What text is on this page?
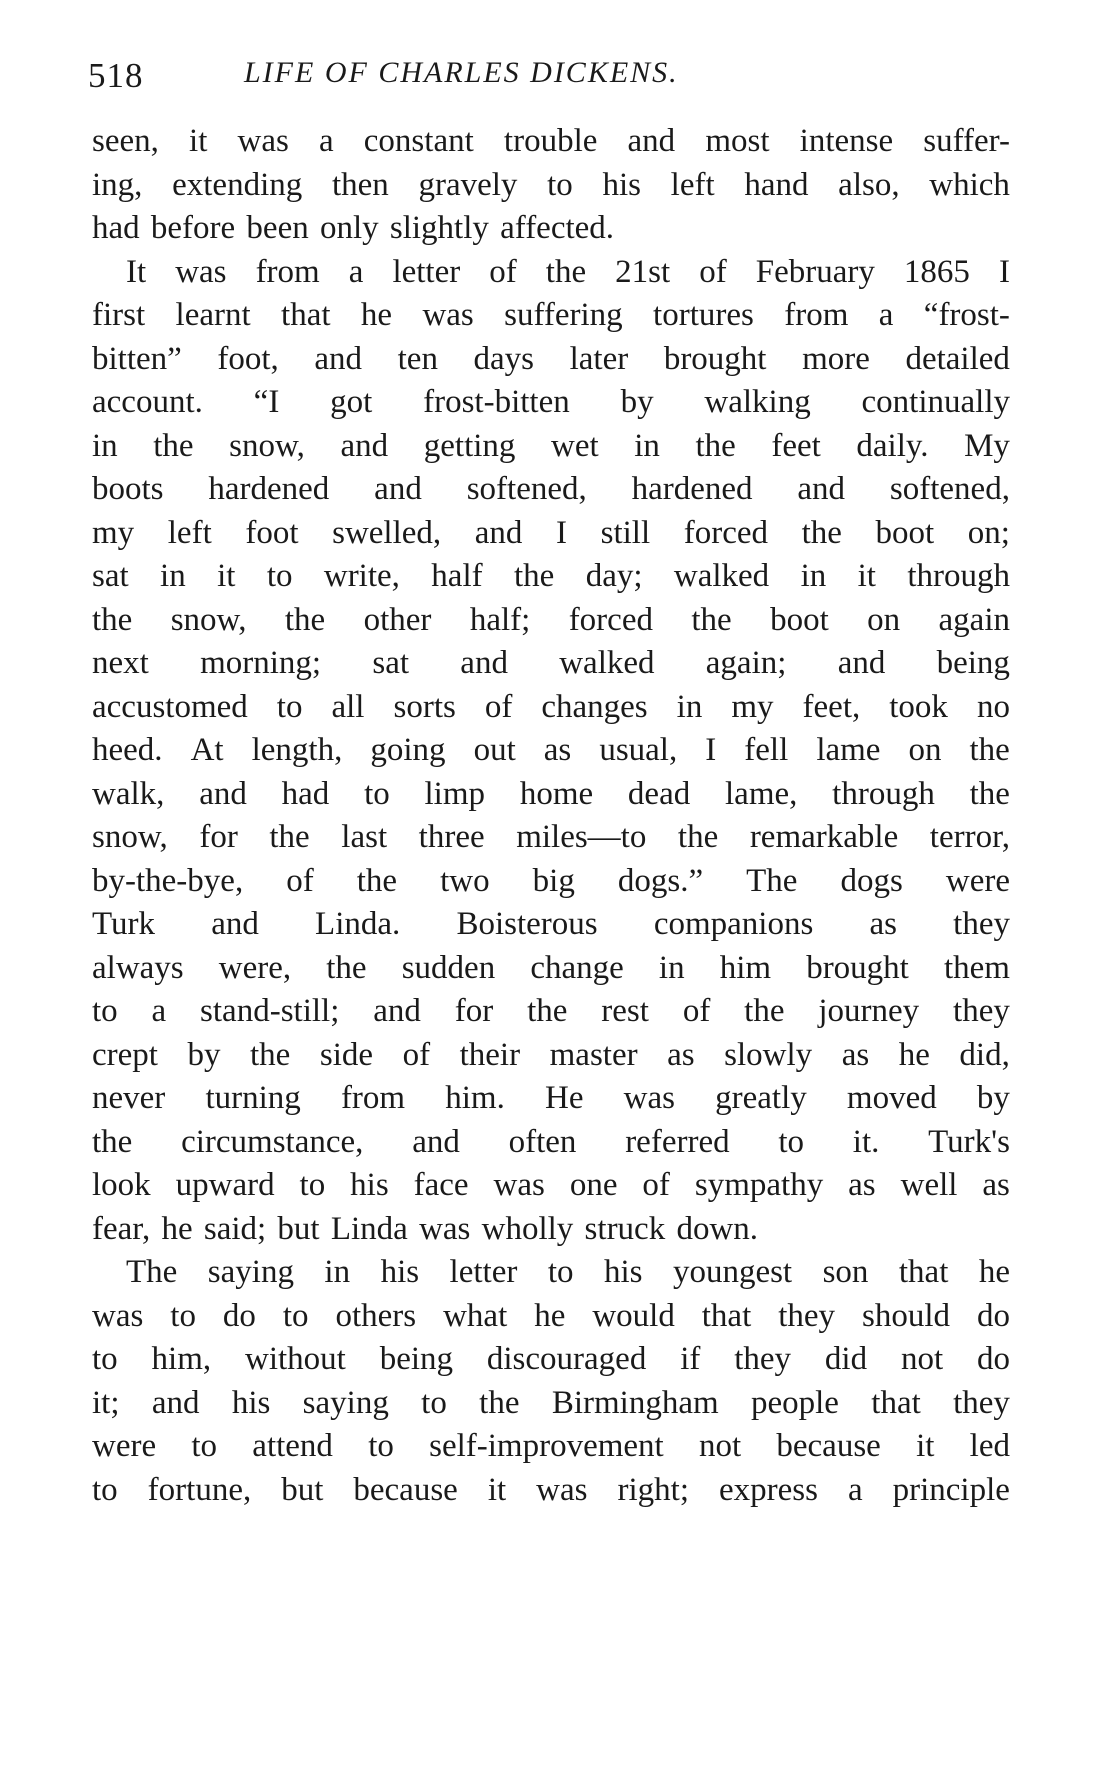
518	LIFE OF CHARLES DICKENS.
seen, it was a constant trouble and most intense suffer-
ing, extending then gravely to his left hand also, which
had before been only slightly affected.
It was from a letter of the 21st of February 1865 I
first learnt that he was suffering tortures from a “frost-
bitten” foot, and ten days later brought more detailed
account. “I got frost-bitten by walking continually
in the snow, and getting wet in the feet daily. My
boots hardened and softened, hardened and softened,
my left foot swelled, and I still forced the boot on;
sat in it to write, half the day; walked in it through
the snow, the other half; forced the boot on again
next morning; sat and walked again; and being
accustomed to all sorts of changes in my feet, took no
heed. At length, going out as usual, I fell lame on the
walk, and had to limp home dead lame, through the
snow, for the last three miles—to the remarkable terror,
by-the-bye, of the two big dogs.” The dogs were
Turk and Linda. Boisterous companions as they
always were, the sudden change in him brought them
to a stand-still; and for the rest of the journey they
crept by the side of their master as slowly as he did,
never turning from him. He was greatly moved by
the circumstance, and often referred to it. Turk's
look upward to his face was one of sympathy as well as
fear, he said; but Linda was wholly struck down.
The saying in his letter to his youngest son that he
was to do to others what he would that they should do
to him, without being discouraged if they did not do
it; and his saying to the Birmingham people that they
were to attend to self-improvement not because it led
to fortune, but because it was right; express a principle
